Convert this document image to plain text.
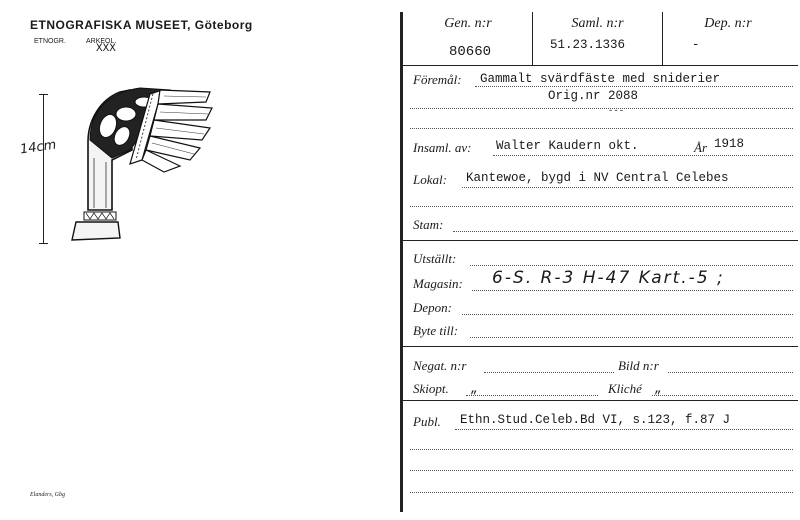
ETNOGRAFISKA MUSEET, Göteborg
ETNOGR.	ARKEOL.
XXX
14cm
Elanders, Gbg
Gen. n:r
80660
Saml. n:r
51.23.1336
Dep. n:r
-
Föremål: Gammalt svärdfäste med sniderier
Orig.nr 2088
---
Insaml. av: Walter Kaudern okt.	År 1918
Lokal: Kantewoe, bygd i NV Central Celebes
Stam:
Utställt:
Magasin: 6-S. R-3 H-47 Kart.-5 ;
Depon:
Byte till:
Negat. n:r	Bild n:r
Skiopt. „	Kliché „
Publ. Ethn.Stud.Celeb.Bd VI, s.123, f.87 J
